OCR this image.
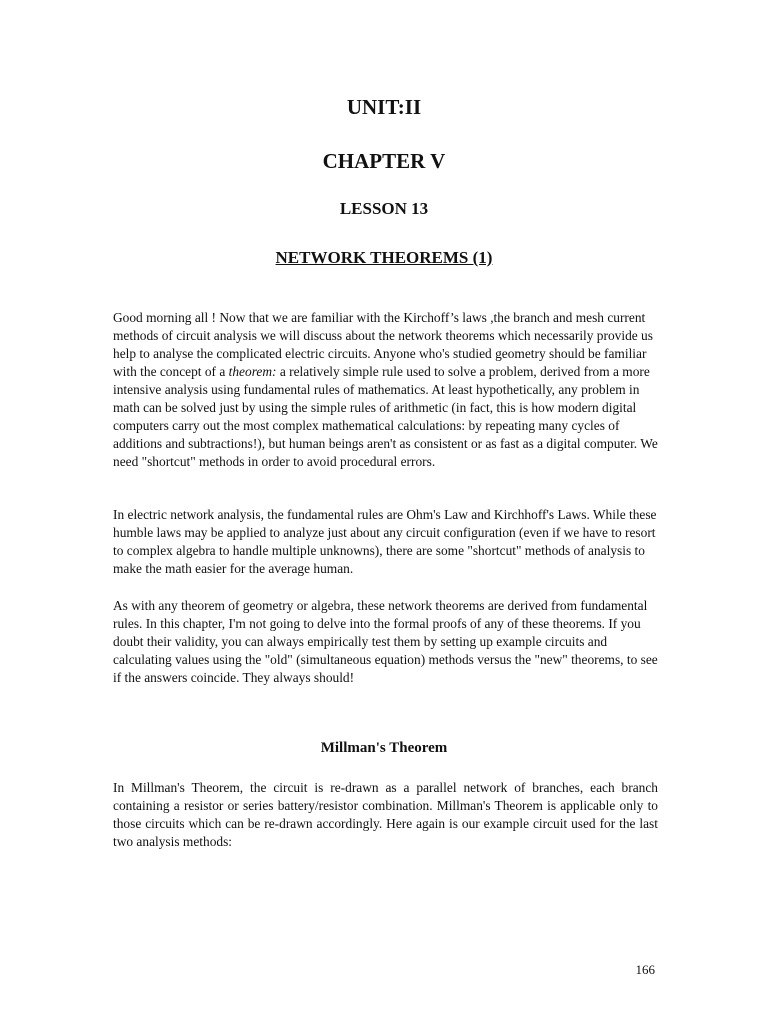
UNIT:II
CHAPTER V
LESSON 13
NETWORK THEOREMS (1)

Good morning all ! Now that we are familiar with the Kirchoff’s laws ,the branch and mesh current methods of circuit analysis we will discuss about the network theorems which necessarily provide us help to analyse the complicated electric circuits. Anyone who's studied geometry should be familiar with the concept of a theorem: a relatively simple rule used to solve a problem, derived from a more intensive analysis using fundamental rules of mathematics. At least hypothetically, any problem in math can be solved just by using the simple rules of arithmetic (in fact, this is how modern digital computers carry out the most complex mathematical calculations: by repeating many cycles of additions and subtractions!), but human beings aren't as consistent or as fast as a digital computer. We need "shortcut" methods in order to avoid procedural errors.

In electric network analysis, the fundamental rules are Ohm's Law and Kirchhoff's Laws. While these humble laws may be applied to analyze just about any circuit configuration (even if we have to resort to complex algebra to handle multiple unknowns), there are some "shortcut" methods of analysis to make the math easier for the average human.

As with any theorem of geometry or algebra, these network theorems are derived from fundamental rules. In this chapter, I'm not going to delve into the formal proofs of any of these theorems. If you doubt their validity, you can always empirically test them by setting up example circuits and calculating values using the "old" (simultaneous equation) methods versus the "new" theorems, to see if the answers coincide. They always should!

Millman's Theorem

In Millman's Theorem, the circuit is re-drawn as a parallel network of branches, each branch containing a resistor or series battery/resistor combination. Millman's Theorem is applicable only to those circuits which can be re-drawn accordingly. Here again is our example circuit used for the last two analysis methods:

166
